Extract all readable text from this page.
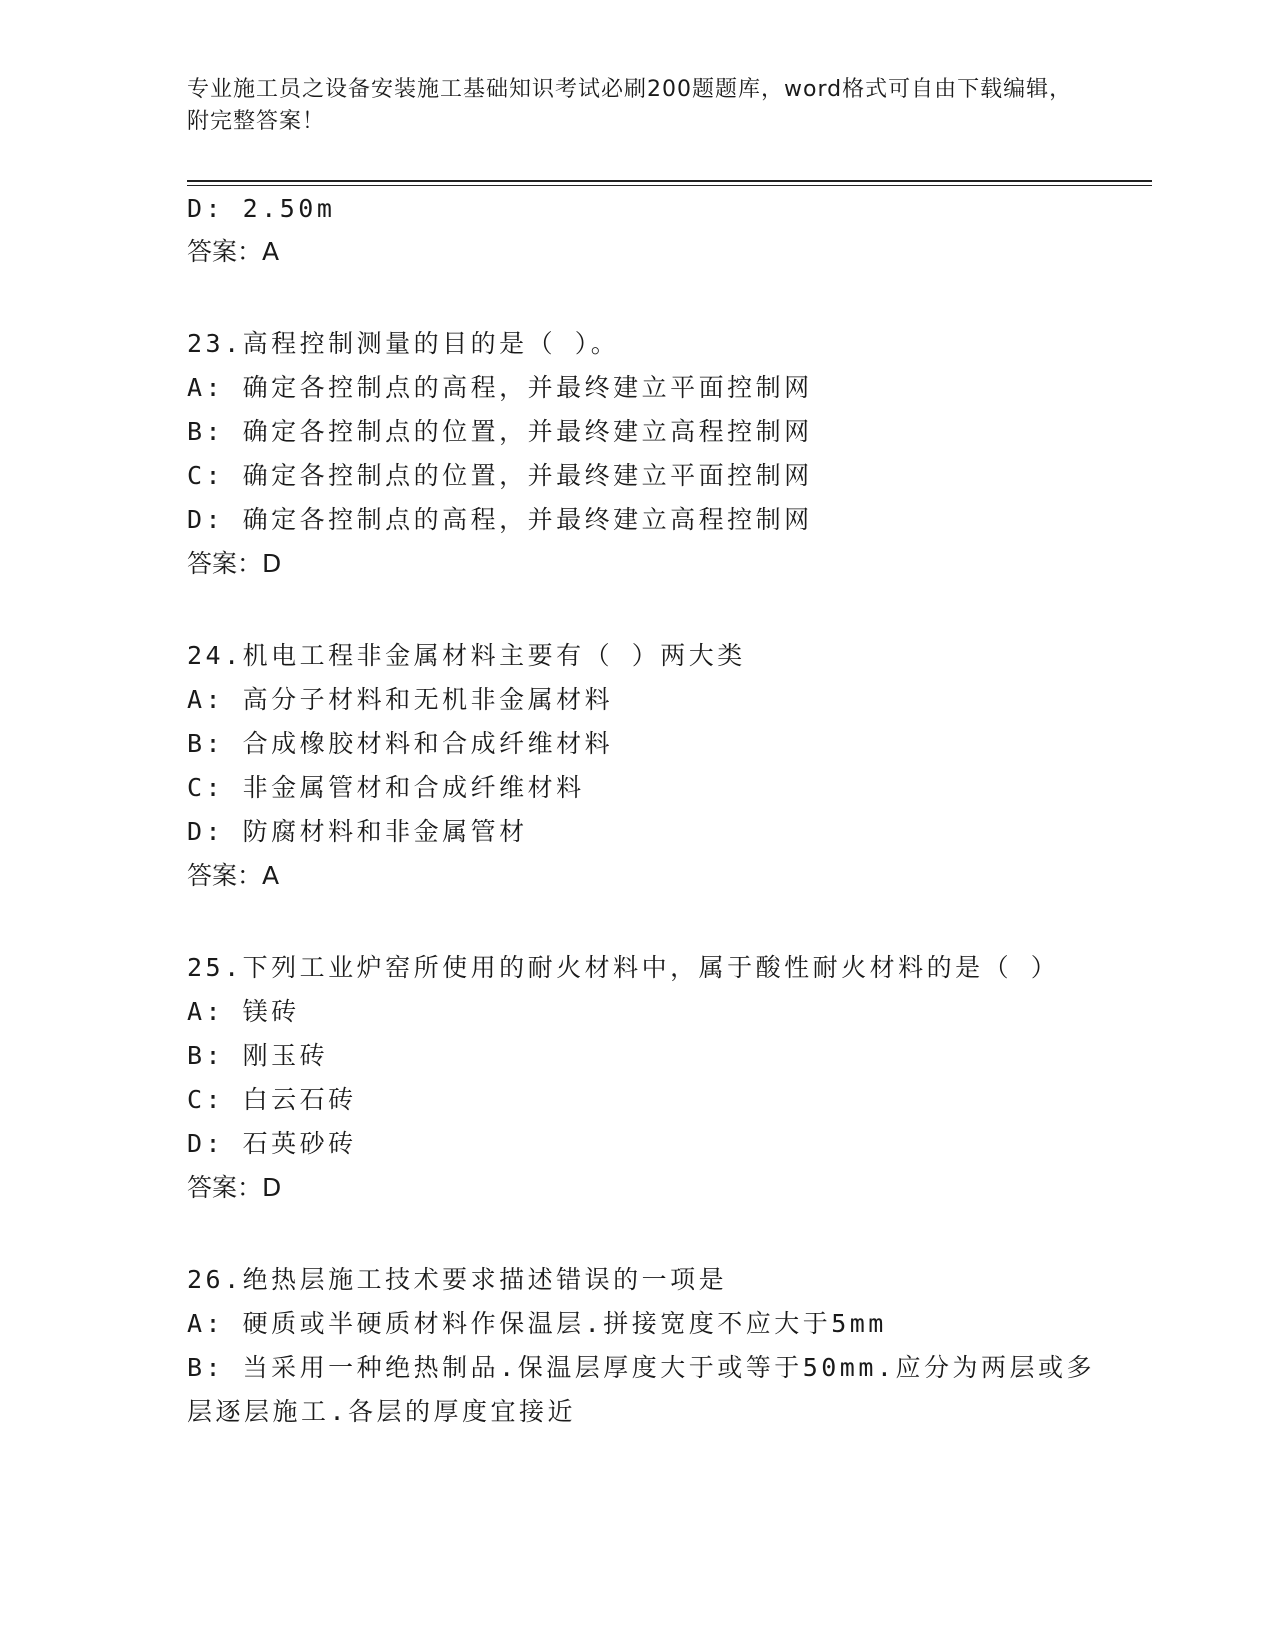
专业施工员之设备安装施工基础知识考试必刷200题题库，word格式可自由下载编辑，附完整答案！
D: 2.50m
答案：A
23.高程控制测量的目的是（ ）。
A: 确定各控制点的高程，并最终建立平面控制网
B: 确定各控制点的位置，并最终建立高程控制网
C: 确定各控制点的位置，并最终建立平面控制网
D: 确定各控制点的高程，并最终建立高程控制网
答案：D
24.机电工程非金属材料主要有（ ）两大类
A: 高分子材料和无机非金属材料
B: 合成橡胶材料和合成纤维材料
C: 非金属管材和合成纤维材料
D: 防腐材料和非金属管材
答案：A
25.下列工业炉窑所使用的耐火材料中，属于酸性耐火材料的是（ ）
A: 镁砖
B: 刚玉砖
C: 白云石砖
D: 石英砂砖
答案：D
26.绝热层施工技术要求描述错误的一项是
A: 硬质或半硬质材料作保温层.拼接宽度不应大于5mm
B: 当采用一种绝热制品.保温层厚度大于或等于50mm.应分为两层或多
层逐层施工.各层的厚度宜接近
